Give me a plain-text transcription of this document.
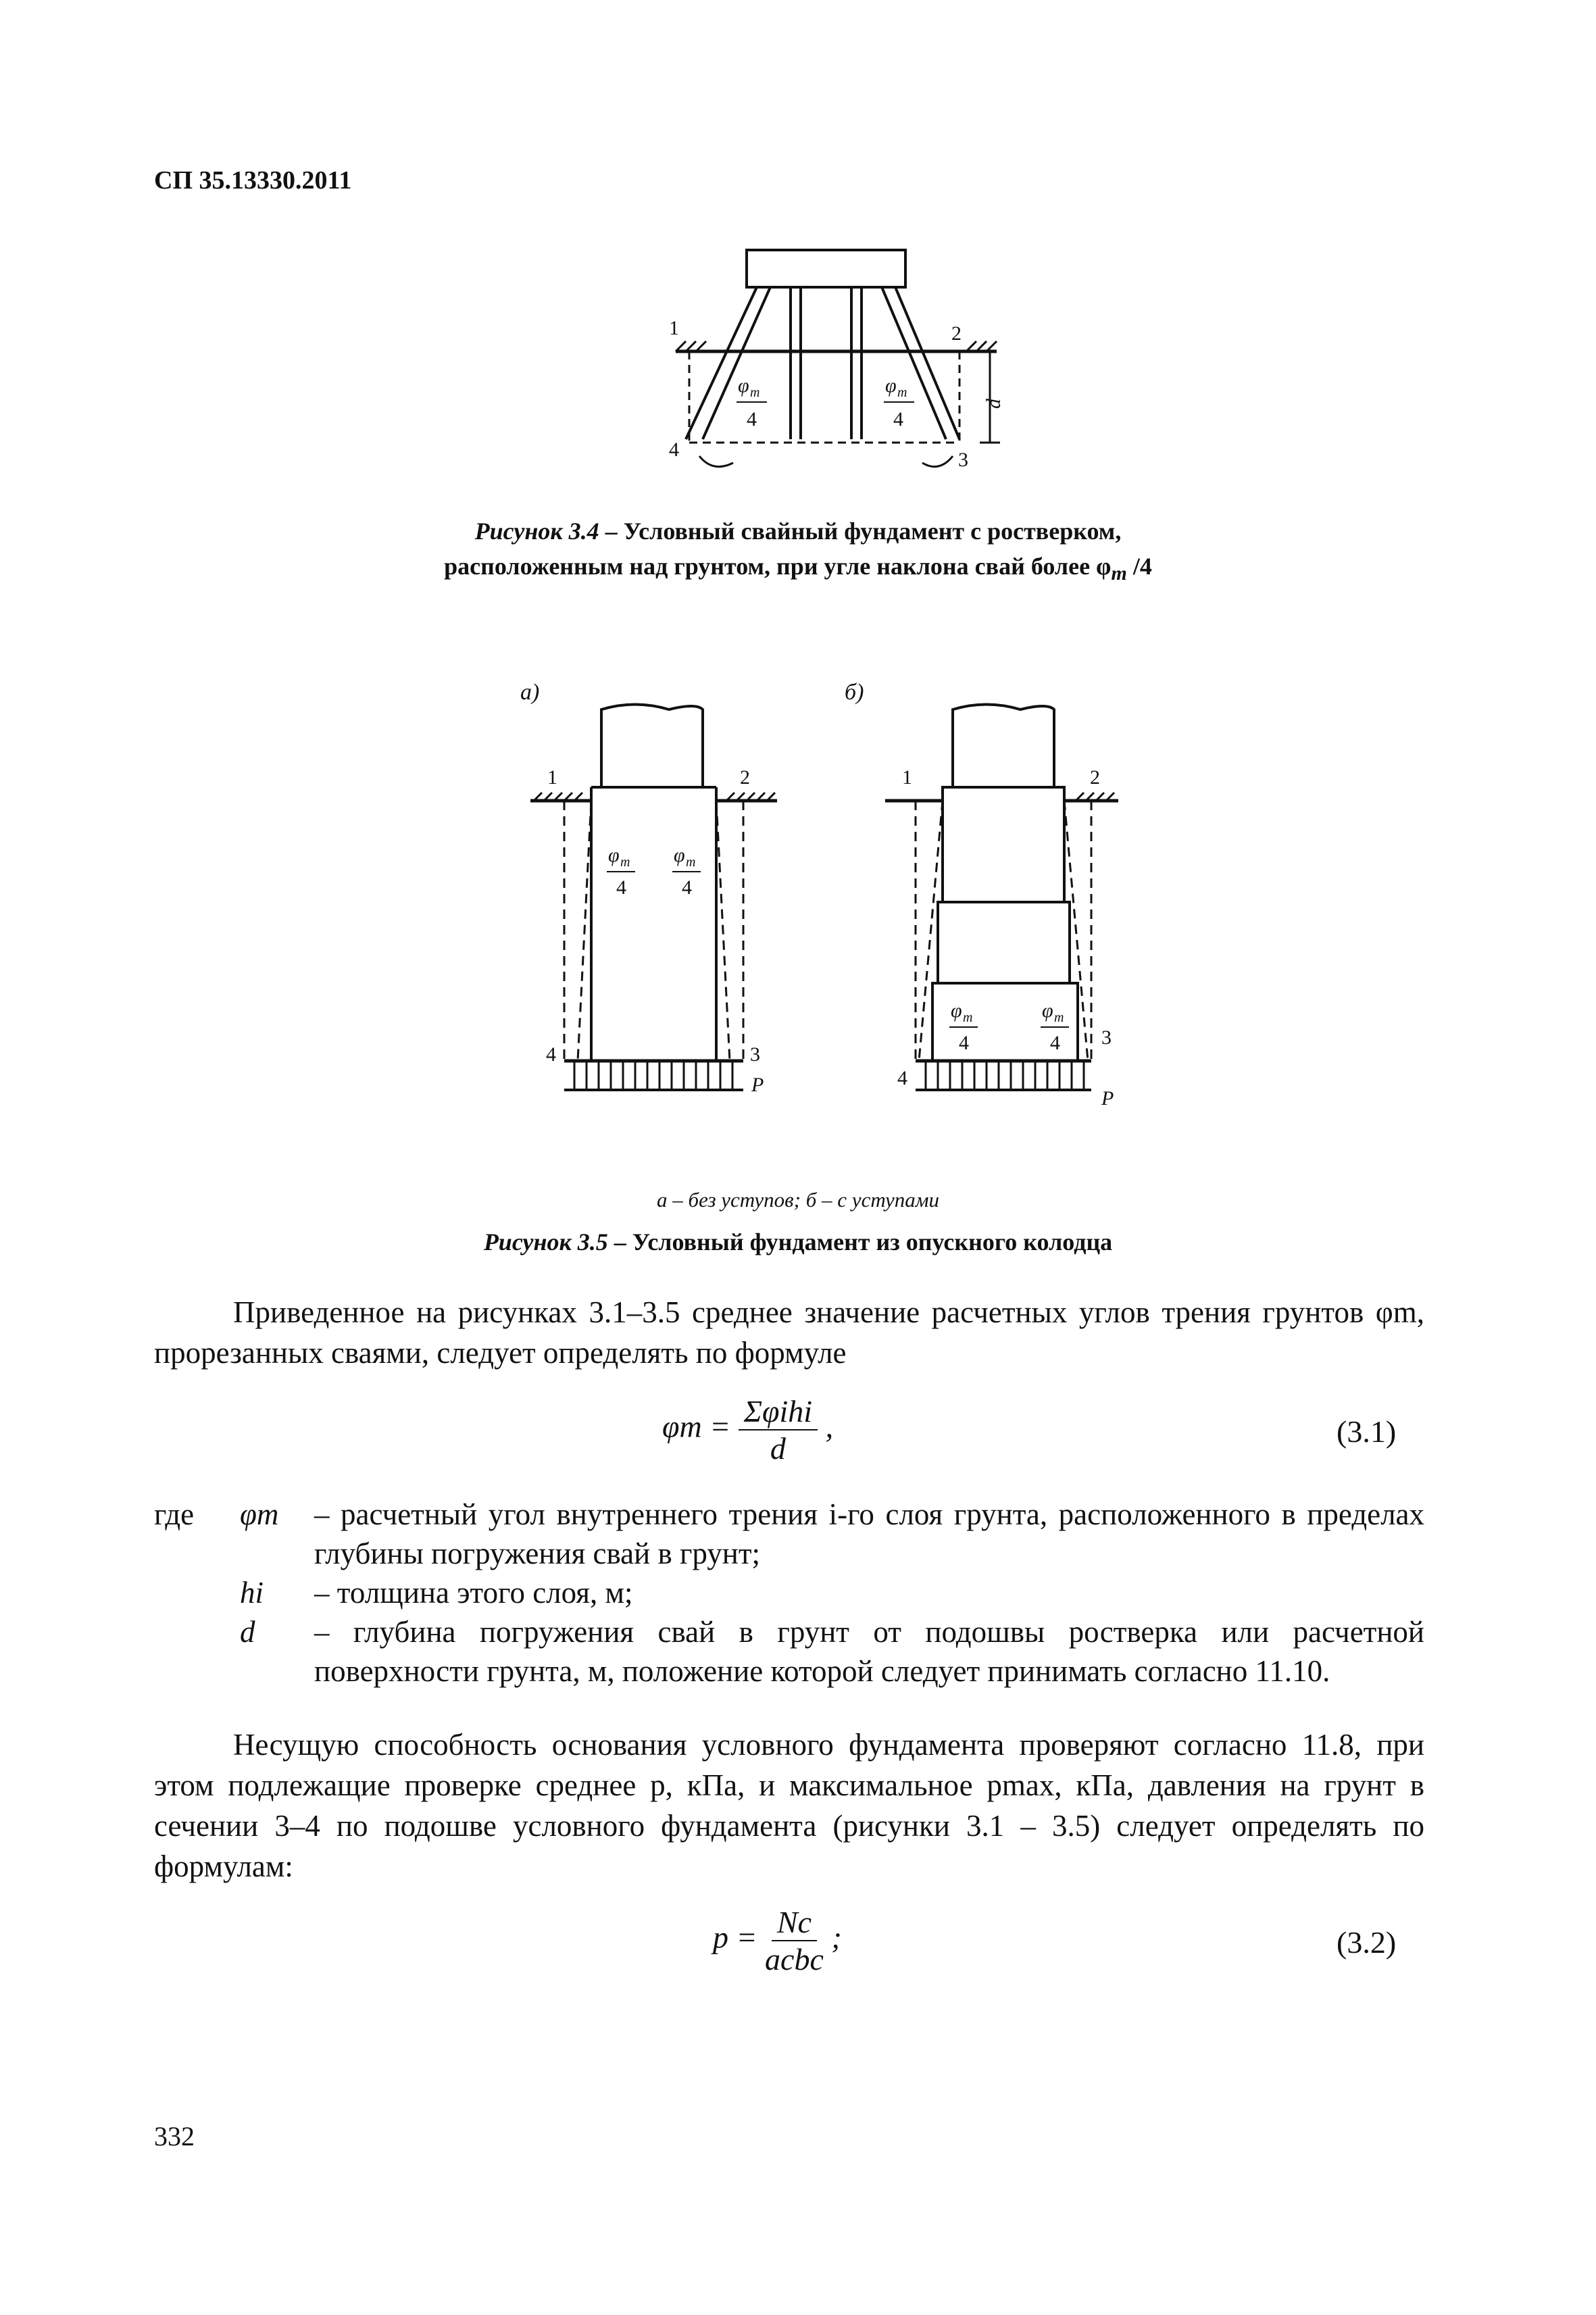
СП 35.13330.2011
1	2
3
4
φ m
4
φ m
4
d
Рисунок 3.4 – Условный свайный фундамент с ростверком,
расположенным над грунтом, при угле наклона свай более $\varphi_m$ /4
а)	б)
1	2
3
4
P
φ m
4
φ m
4
1	2
3
4
P
φ m
4
φ m
4
а – без уступов; б – с уступами
Рисунок 3.5 – Условный фундамент из опускного колодца
Приведенное на рисунках 3.1–3.5 среднее значение расчетных углов трения грунтов φm, прорезанных сваями, следует определять по формуле
$\varphi m = \frac{\text{Σφihi}}{d}$ ,	(3.1)
где	φm	– расчетный угол внутреннего трения i-го слоя грунта, расположенного в пределах глубины погружения свай в грунт;
hi	– толщина этого слоя, м;
d	– глубина погружения свай в грунт от подошвы ростверка или расчетной поверхности грунта, м, положение которой следует принимать согласно 11.10.
Несущую способность основания условного фундамента проверяют согласно 11.8, при этом подлежащие проверке среднее p, кПа, и максимальное pmax, кПа, давления на грунт в сечении 3–4 по подошве условного фундамента (рисунки 3.1 – 3.5) следует определять по формулам:
$p = \frac{Nc}{\text{acbc}}$ ;	(3.2)
332
